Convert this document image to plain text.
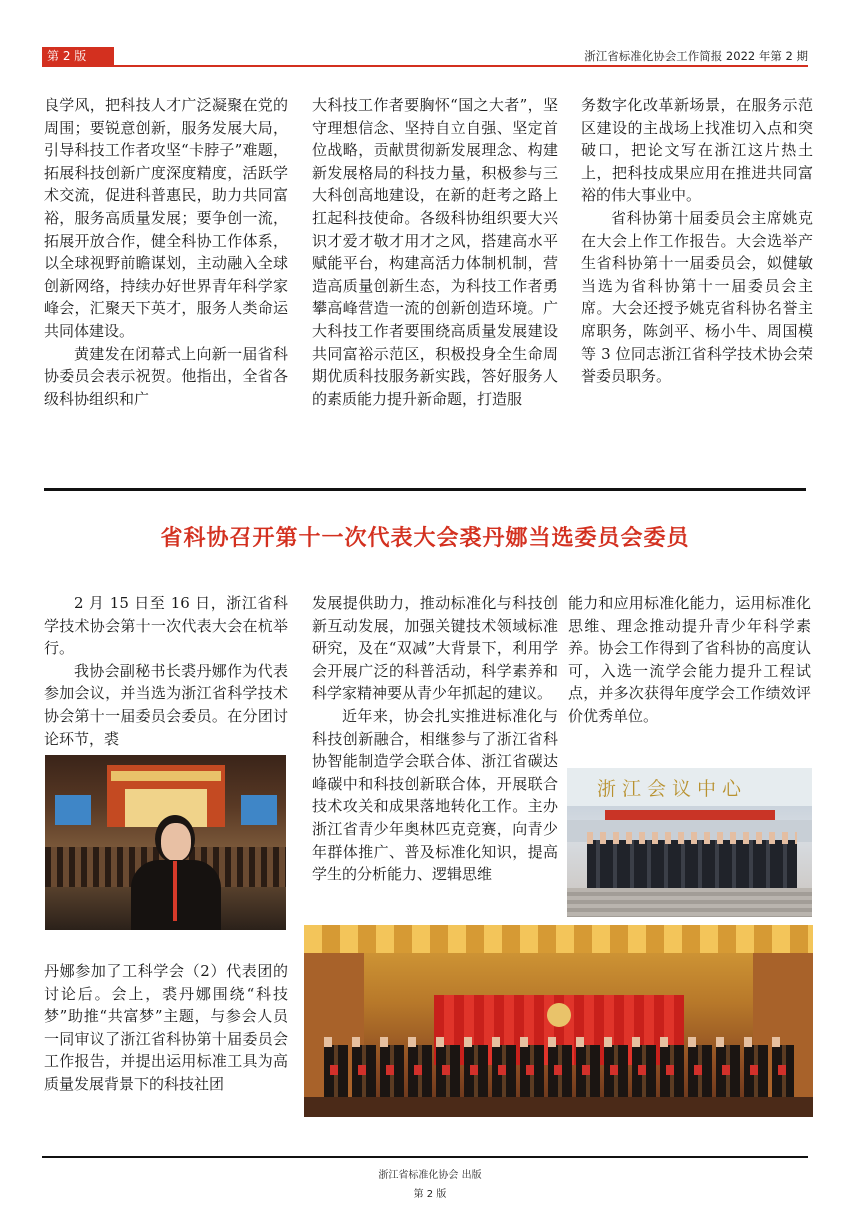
第 2 版	浙江省标准化协会工作简报 2022 年第 2 期

良学风，把科技人才广泛凝聚在党的周围；要锐意创新，服务发展大局，引导科技工作者攻坚“卡脖子”难题，拓展科技创新广度深度精度，活跃学术交流，促进科普惠民，助力共同富裕，服务高质量发展；要争创一流，拓展开放合作，健全科协工作体系，以全球视野前瞻谋划，主动融入全球创新网络，持续办好世界青年科学家峰会，汇聚天下英才，服务人类命运共同体建设。

黄建发在闭幕式上向新一届省科协委员会表示祝贺。他指出，全省各级科协组织和广

大科技工作者要胸怀“国之大者”，坚守理想信念、坚持自立自强、坚定首位战略，贡献贯彻新发展理念、构建新发展格局的科技力量，积极参与三大科创高地建设，在新的赶考之路上扛起科技使命。各级科协组织要大兴识才爱才敬才用才之风，搭建高水平赋能平台，构建高活力体制机制，营造高质量创新生态，为科技工作者勇攀高峰营造一流的创新创造环境。广大科技工作者要围绕高质量发展建设共同富裕示范区，积极投身全生命周期优质科技服务新实践，答好服务人的素质能力提升新命题，打造服

务数字化改革新场景，在服务示范区建设的主战场上找准切入点和突破口，把论文写在浙江这片热土上，把科技成果应用在推进共同富裕的伟大事业中。

省科协第十届委员会主席姚克在大会上作工作报告。大会选举产生省科协第十一届委员会，姒健敏当选为省科协第十一届委员会主席。大会还授予姚克省科协名誉主席职务，陈剑平、杨小牛、周国模等 3 位同志浙江省科学技术协会荣誉委员职务。

省科协召开第十一次代表大会裘丹娜当选委员会委员

2 月 15 日至 16 日，浙江省科学技术协会第十一次代表大会在杭举行。

我协会副秘书长裘丹娜作为代表参加会议，并当选为浙江省科学技术协会第十一届委员会委员。在分团讨论环节，裘

丹娜参加了工科学会（2）代表团的讨论后。会上，裘丹娜围绕“科技梦”助推“共富梦”主题，与参会人员一同审议了浙江省科协第十届委员会工作报告，并提出运用标准工具为高质量发展背景下的科技社团

发展提供助力，推动标准化与科技创新互动发展，加强关键技术领域标准研究，及在“双减”大背景下，利用学会开展广泛的科普活动，科学素养和科学家精神要从青少年抓起的建议。

近年来，协会扎实推进标准化与科技创新融合，相继参与了浙江省科协智能制造学会联合体、浙江省碳达峰碳中和科技创新联合体，开展联合技术攻关和成果落地转化工作。主办浙江省青少年奥林匹克竞赛，向青少年群体推广、普及标准化知识，提高学生的分析能力、逻辑思维

能力和应用标准化能力，运用标准化思维、理念推动提升青少年科学素养。协会工作得到了省科协的高度认可，入选一流学会能力提升工程试点，并多次获得年度学会工作绩效评价优秀单位。

浙江会议中心
浙江省标准化协会 出版
第 2 版
